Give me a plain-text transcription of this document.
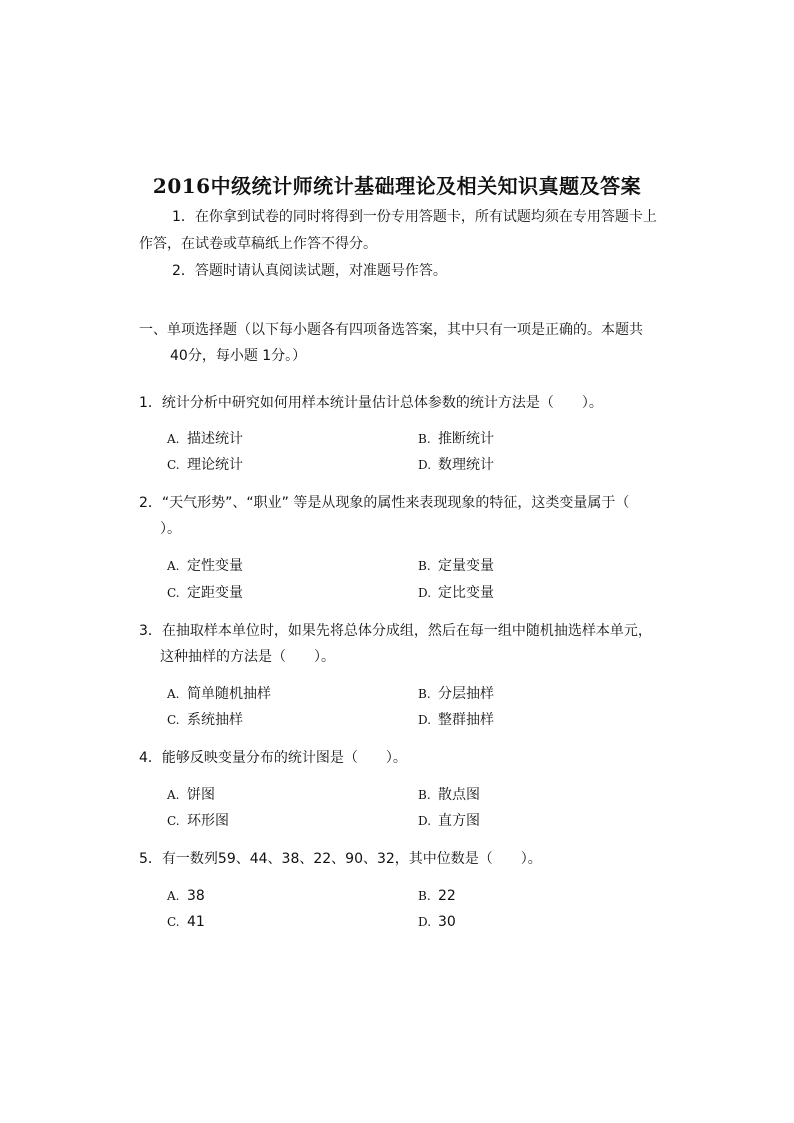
2016中级统计师统计基础理论及相关知识真题及答案
1．在你拿到试卷的同时将得到一份专用答题卡，所有试题均须在专用答题卡上
作答，在试卷或草稿纸上作答不得分。
2．答题时请认真阅读试题，对准题号作答。
一、单项选择题（以下每小题各有四项备选答案，其中只有一项是正确的。本题共
40分，每小题 1分。）
1．统计分析中研究如何用样本统计量估计总体参数的统计方法是（　　）。
A. 描述统计	B. 推断统计
C. 理论统计	D. 数理统计
2．“天气形势”、“职业” 等是从现象的属性来表现现象的特征，这类变量属于（
）。
A. 定性变量	B. 定量变量
C. 定距变量	D. 定比变量
3．在抽取样本单位时，如果先将总体分成组，然后在每一组中随机抽选样本单元，
这种抽样的方法是（　　）。
A. 简单随机抽样	B. 分层抽样
C. 系统抽样	D. 整群抽样
4．能够反映变量分布的统计图是（　　）。
A. 饼图	B. 散点图
C. 环形图	D. 直方图
5．有一数列59、44、38、22、90、32，其中位数是（　　）。
A. 38	B. 22
C. 41	D. 30
